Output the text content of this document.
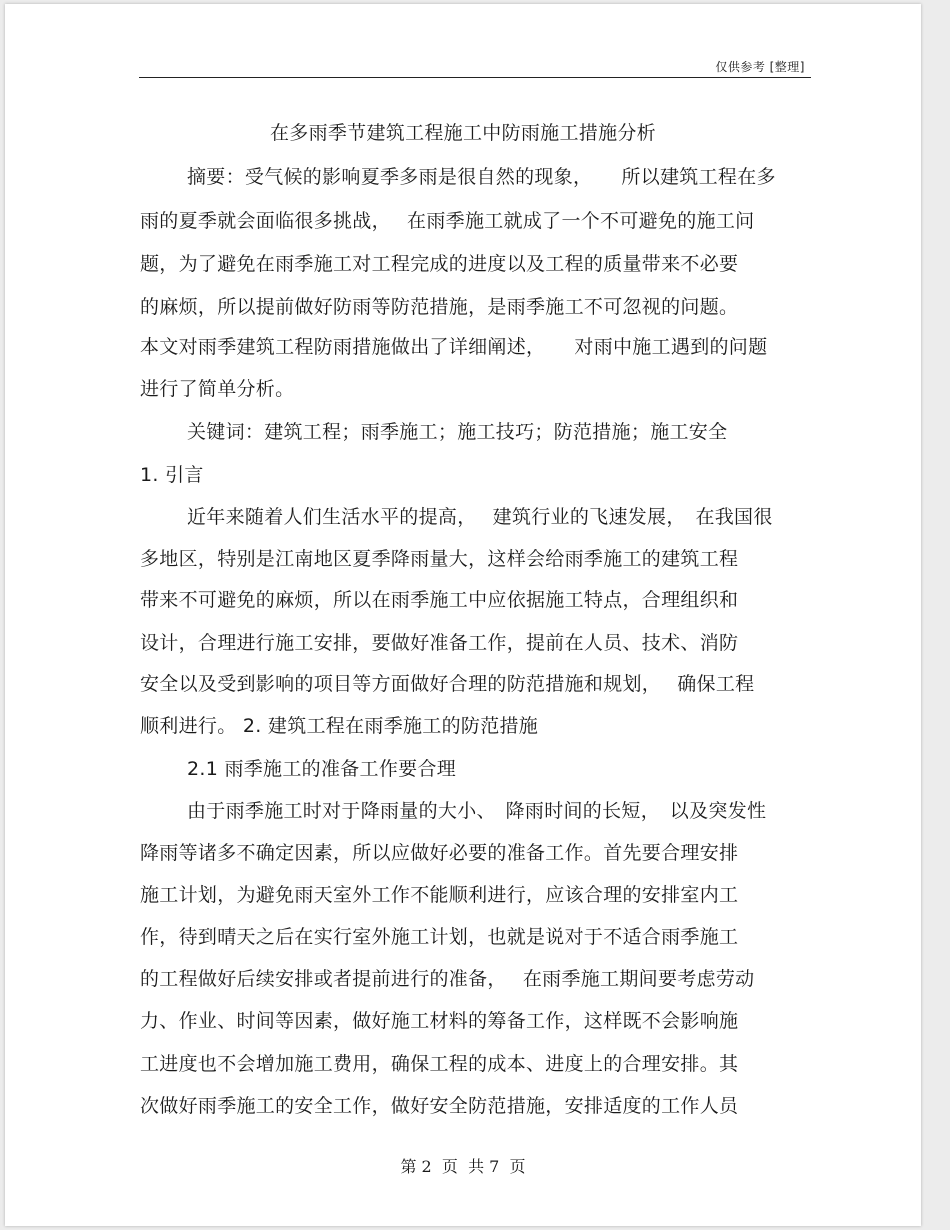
仅供参考 [整理]
在多雨季节建筑工程施工中防雨施工措施分析
摘要：受气候的影响夏季多雨是很自然的现象，　　所以建筑工程在多
雨的夏季就会面临很多挑战，　 在雨季施工就成了一个不可避免的施工问
题，为了避免在雨季施工对工程完成的进度以及工程的质量带来不必要
的麻烦，所以提前做好防雨等防范措施，是雨季施工不可忽视的问题。
本文对雨季建筑工程防雨措施做出了详细阐述，　　对雨中施工遇到的问题
进行了简单分析。
关键词：建筑工程；雨季施工；施工技巧；防范措施；施工安全
1. 引言
近年来随着人们生活水平的提高，　 建筑行业的飞速发展，　在我国很
多地区，特别是江南地区夏季降雨量大，这样会给雨季施工的建筑工程
带来不可避免的麻烦，所以在雨季施工中应依据施工特点，合理组织和
设计，合理进行施工安排，要做好准备工作，提前在人员、技术、消防
安全以及受到影响的项目等方面做好合理的防范措施和规划，　 确保工程
顺利进行。 2. 建筑工程在雨季施工的防范措施
2.1 雨季施工的准备工作要合理
由于雨季施工时对于降雨量的大小、　降雨时间的长短，　以及突发性
降雨等诸多不确定因素，所以应做好必要的准备工作。首先要合理安排
施工计划，为避免雨天室外工作不能顺利进行，应该合理的安排室内工
作，待到晴天之后在实行室外施工计划，也就是说对于不适合雨季施工
的工程做好后续安排或者提前进行的准备，　 在雨季施工期间要考虑劳动
力、作业、时间等因素，做好施工材料的筹备工作，这样既不会影响施
工进度也不会增加施工费用，确保工程的成本、进度上的合理安排。其
次做好雨季施工的安全工作，做好安全防范措施，安排适度的工作人员
第 2  页  共 7  页
